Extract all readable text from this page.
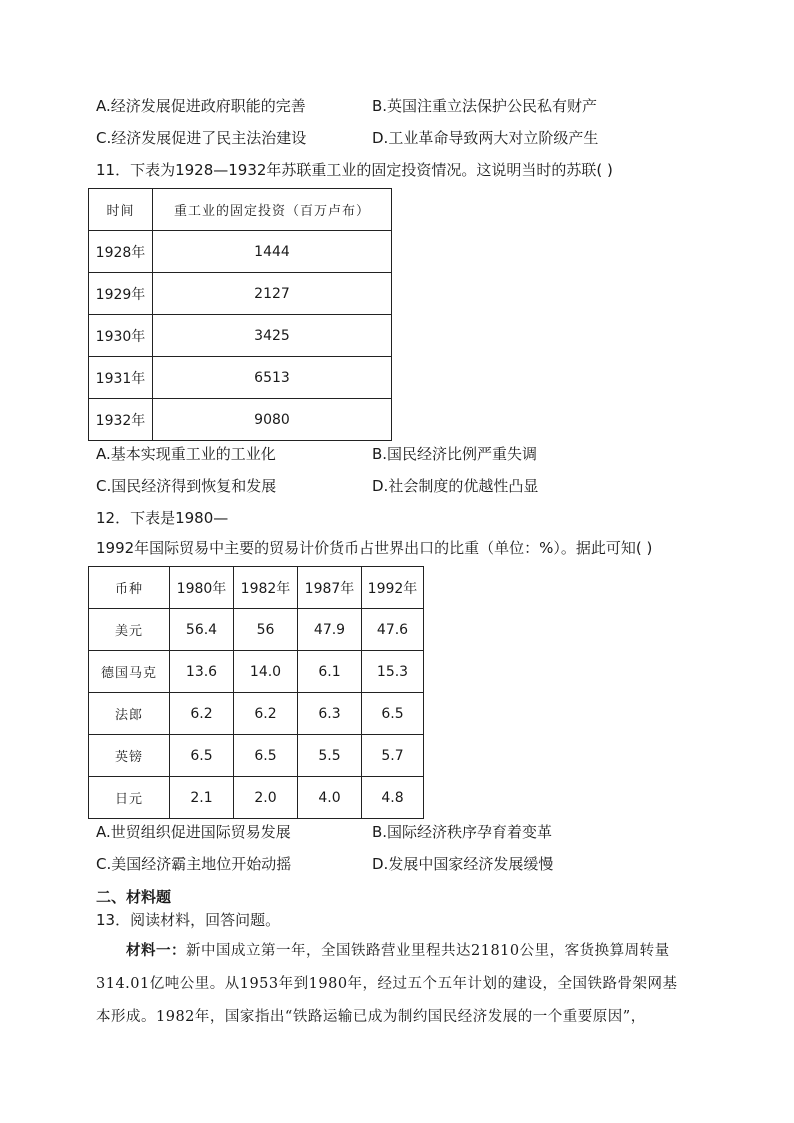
A.经济发展促进政府职能的完善	B.英国注重立法保护公民私有财产
C.经济发展促进了民主法治建设	D.工业革命导致两大对立阶级产生
11．下表为1928—1932年苏联重工业的固定投资情况。这说明当时的苏联( )
时间	重工业的固定投资（百万卢布）
1928年	1444
1929年	2127
1930年	3425
1931年	6513
1932年	9080
A.基本实现重工业的工业化	B.国民经济比例严重失调
C.国民经济得到恢复和发展	D.社会制度的优越性凸显
12．下表是1980—
1992年国际贸易中主要的贸易计价货币占世界出口的比重（单位：%）。据此可知( )
币种	1980年	1982年	1987年	1992年
美元	56.4	56	47.9	47.6
德国马克	13.6	14.0	6.1	15.3
法郎	6.2	6.2	6.3	6.5
英镑	6.5	6.5	5.5	5.7
日元	2.1	2.0	4.0	4.8
A.世贸组织促进国际贸易发展	B.国际经济秩序孕育着变革
C.美国经济霸主地位开始动摇	D.发展中国家经济发展缓慢
二、材料题
13．阅读材料，回答问题。
材料一：新中国成立第一年，全国铁路营业里程共达21810公里，客货换算周转量
314.01亿吨公里。从1953年到1980年，经过五个五年计划的建设，全国铁路骨架网基
本形成。1982年，国家指出“铁路运输已成为制约国民经济发展的一个重要原因”，
